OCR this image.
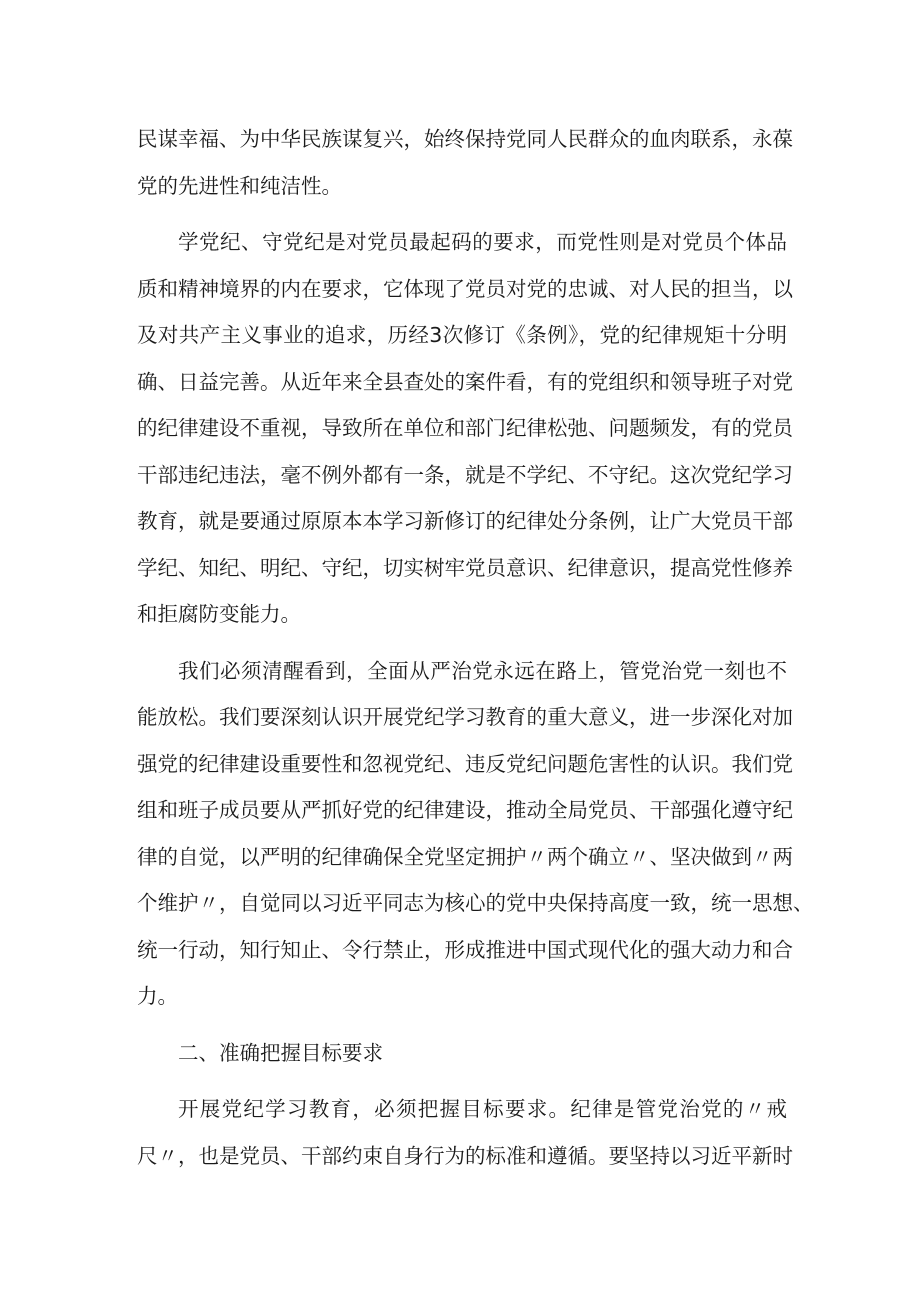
民谋幸福、为中华民族谋复兴，始终保持党同人民群众的血肉联系，永葆
党的先进性和纯洁性。
学党纪、守党纪是对党员最起码的要求，而党性则是对党员个体品
质和精神境界的内在要求，它体现了党员对党的忠诚、对人民的担当，以
及对共产主义事业的追求，历经3次修订《条例》，党的纪律规矩十分明
确、日益完善。从近年来全县查处的案件看，有的党组织和领导班子对党
的纪律建设不重视，导致所在单位和部门纪律松弛、问题频发，有的党员
干部违纪违法，毫不例外都有一条，就是不学纪、不守纪。这次党纪学习
教育，就是要通过原原本本学习新修订的纪律处分条例，让广大党员干部
学纪、知纪、明纪、守纪，切实树牢党员意识、纪律意识，提高党性修养
和拒腐防变能力。
我们必须清醒看到，全面从严治党永远在路上，管党治党一刻也不
能放松。我们要深刻认识开展党纪学习教育的重大意义，进一步深化对加
强党的纪律建设重要性和忽视党纪、违反党纪问题危害性的认识。我们党
组和班子成员要从严抓好党的纪律建设，推动全局党员、干部强化遵守纪
律的自觉，以严明的纪律确保全党坚定拥护〃两个确立〃、坚决做到〃两
个维护〃，自觉同以习近平同志为核心的党中央保持高度一致，统一思想、
统一行动，知行知止、令行禁止，形成推进中国式现代化的强大动力和合
力。
二、准确把握目标要求
开展党纪学习教育，必须把握目标要求。纪律是管党治党的〃戒
尺〃，也是党员、干部约束自身行为的标准和遵循。要坚持以习近平新时
